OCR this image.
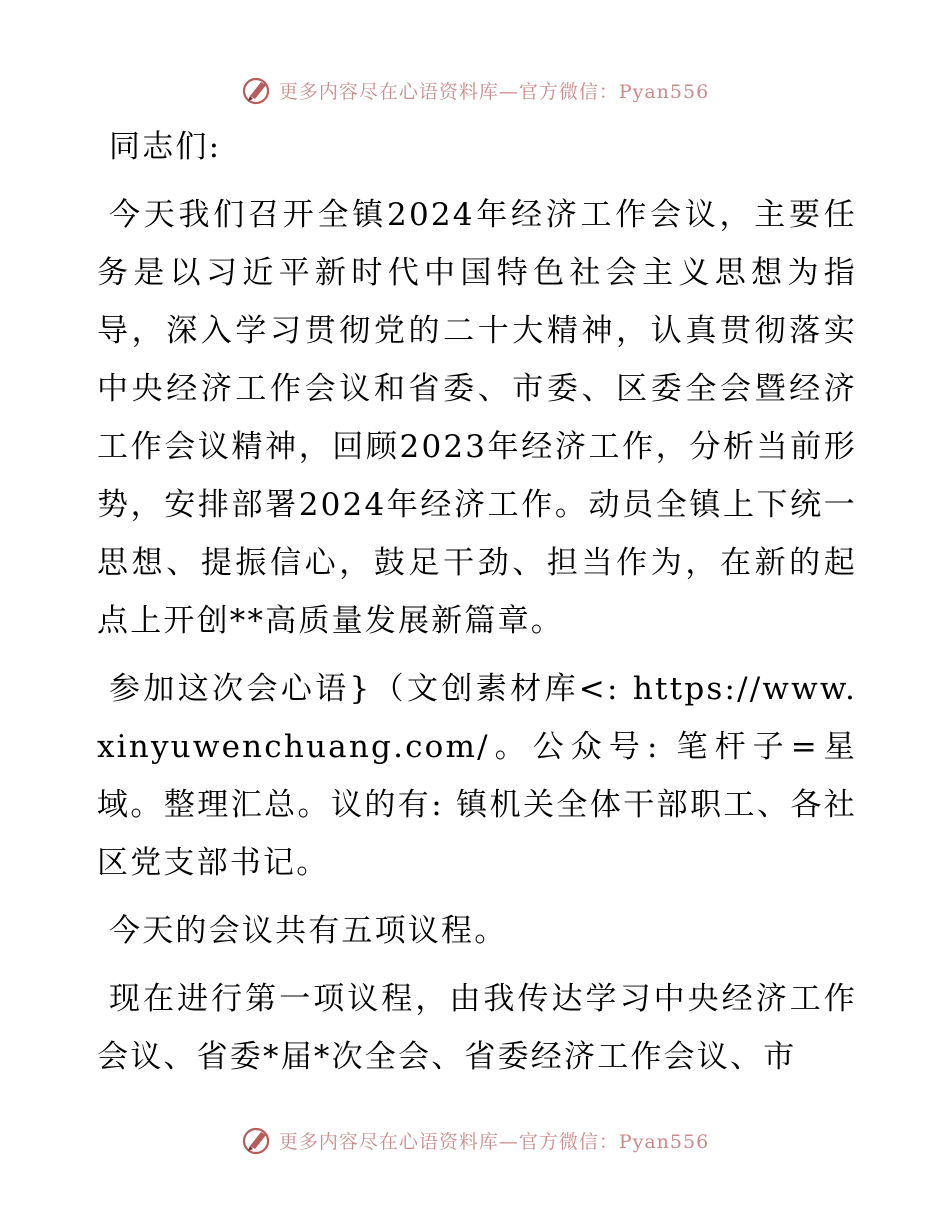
更多内容尽在心语资料库—官方微信：Pyan556

同志们:

今天我们召开全镇2024年经济工作会议，主要任务是以习近平新时代中国特色社会主义思想为指导，深入学习贯彻党的二十大精神，认真贯彻落实中央经济工作会议和省委、市委、区委全会暨经济工作会议精神，回顾2023年经济工作，分析当前形势，安排部署2024年经济工作。动员全镇上下统一思想、提振信心，鼓足干劲、担当作为，在新的起点上开创**高质量发展新篇章。

参加这次会心语}（文创素材库<: https://www.xinyuwenchuang.com/。公众号: 笔杆子=星域。整理汇总。议的有: 镇机关全体干部职工、各社区党支部书记。

今天的会议共有五项议程。

现在进行第一项议程，由我传达学习中央经济工作会议、省委*届*次全会、省委经济工作会议、市

更多内容尽在心语资料库—官方微信：Pyan556
